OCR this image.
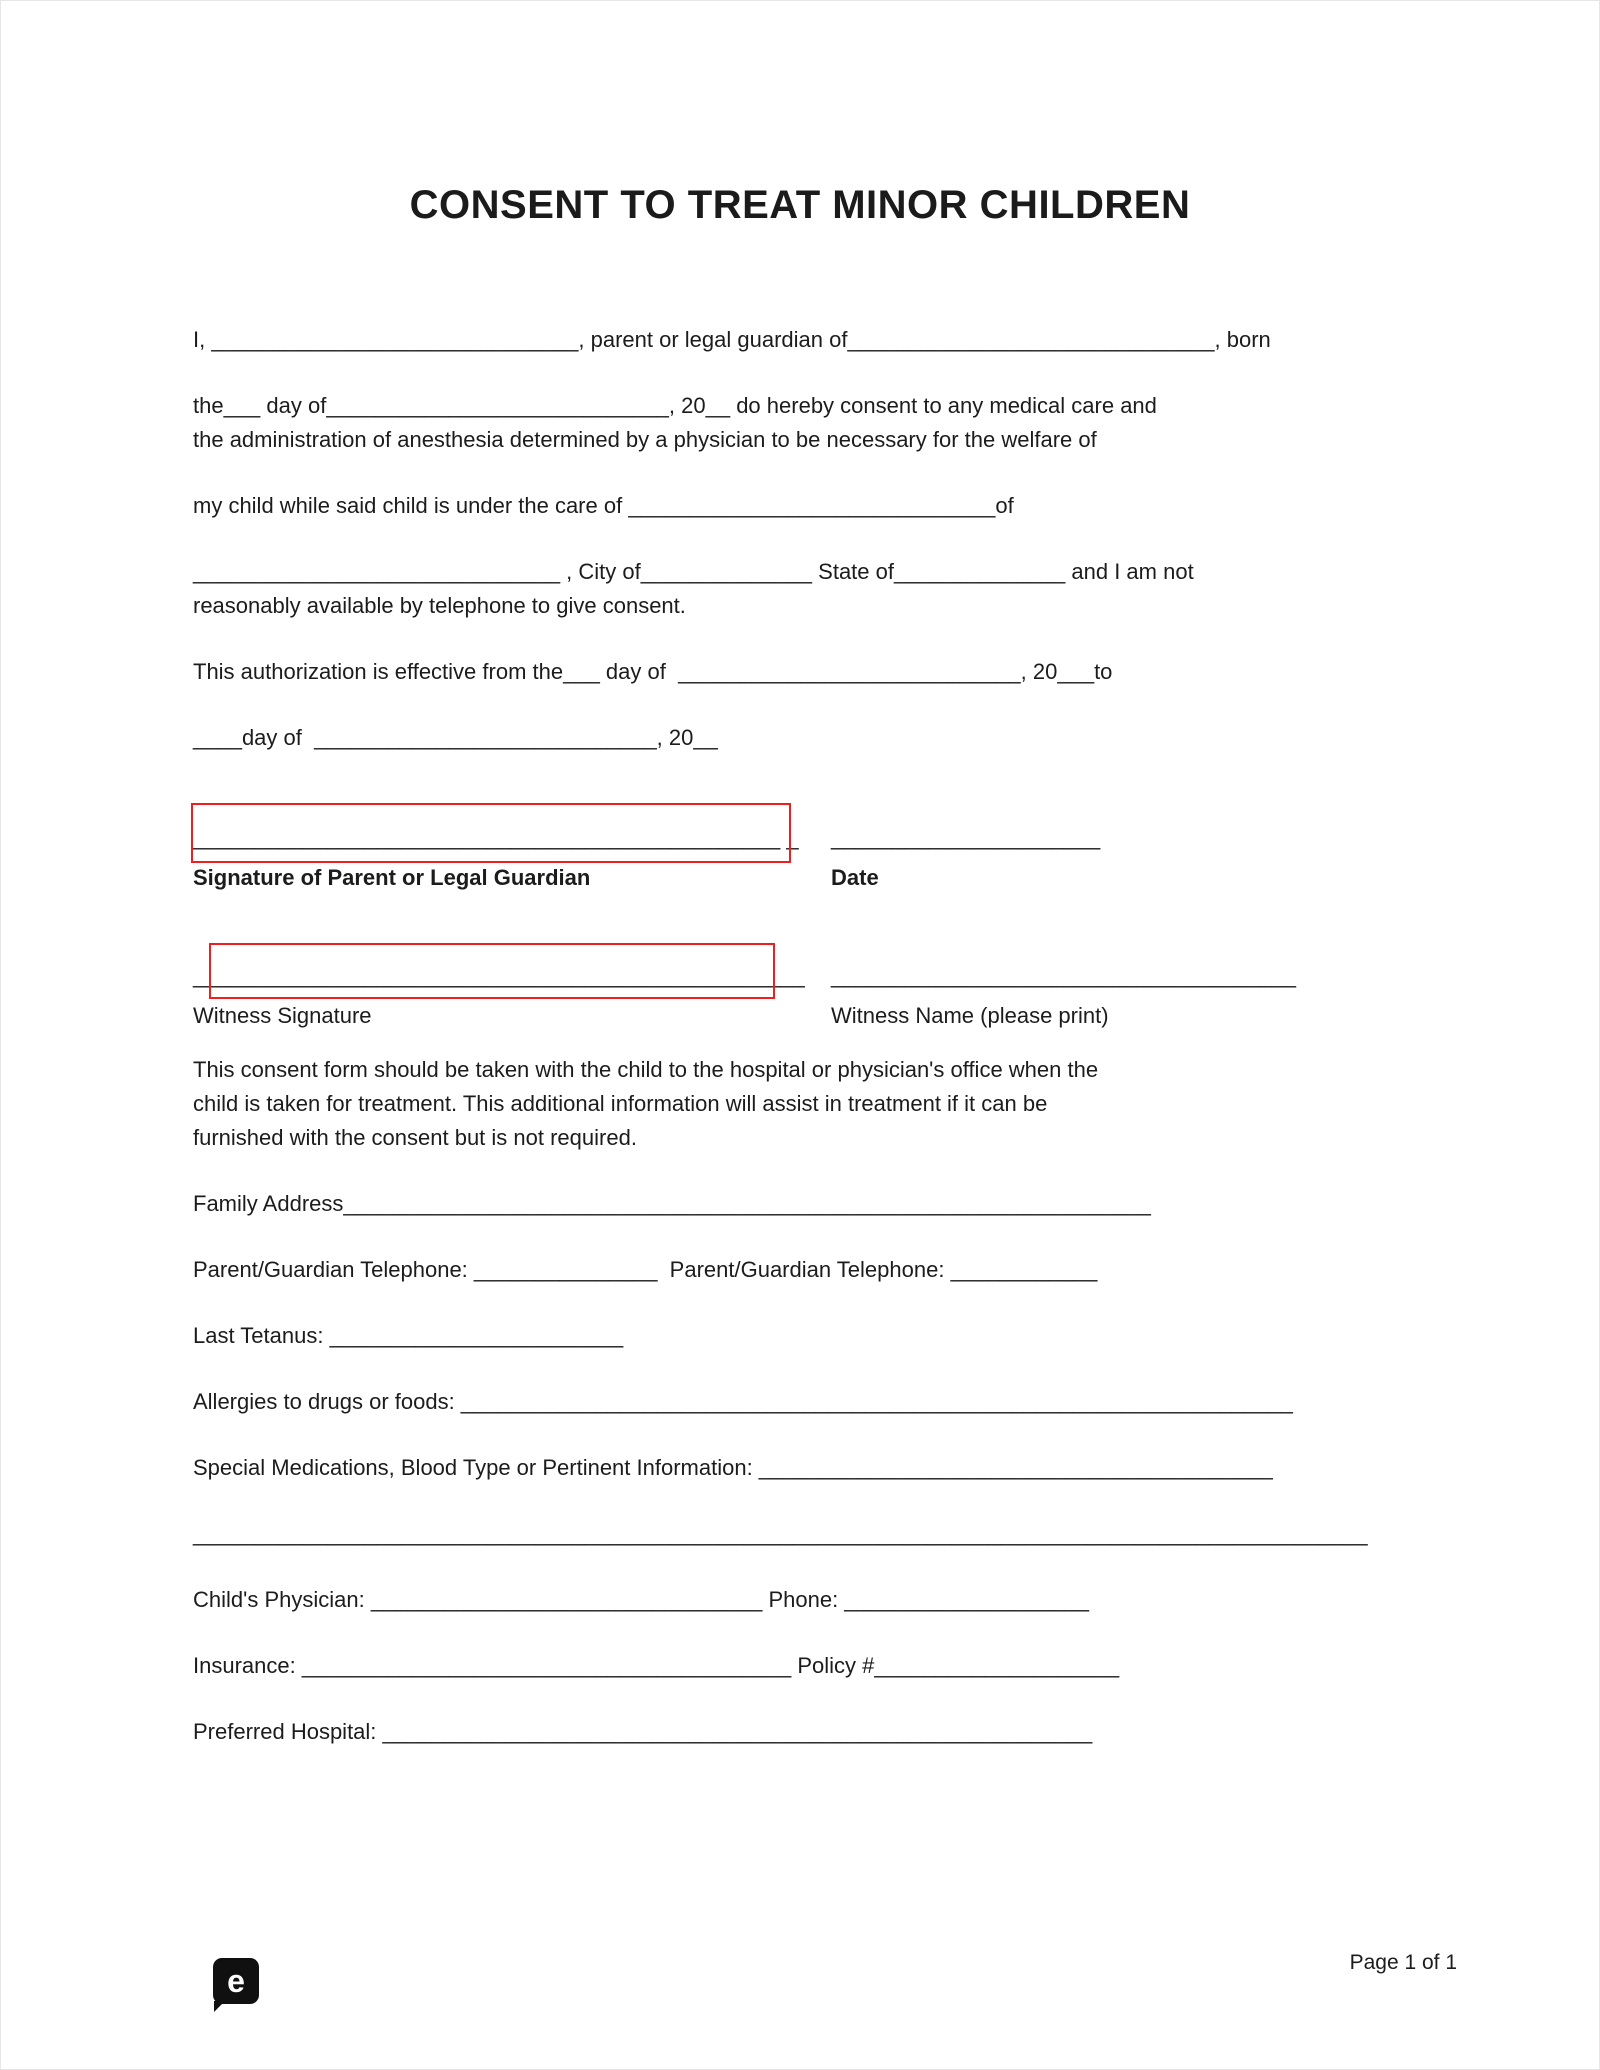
CONSENT TO TREAT MINOR CHILDREN
I, ______________________________, parent or legal guardian of______________________________, born
the___ day of____________________________, 20__ do hereby consent to any medical care and
the administration of anesthesia determined by a physician to be necessary for the welfare of
my child while said child is under the care of ______________________________of
______________________________ , City of______________ State of______________ and I am not
reasonably available by telephone to give consent.
This authorization is effective from the___ day of  ____________________________, 20___to
____day of  ____________________________, 20__
________________________________________________ _ ______________________
Signature of Parent or Legal Guardian	Date
__________________________________________________ ______________________________________
Witness Signature	Witness Name (please print)
This consent form should be taken with the child to the hospital or physician's office when the
child is taken for treatment. This additional information will assist in treatment if it can be
furnished with the consent but is not required.
Family Address__________________________________________________________________
Parent/Guardian Telephone: _______________  Parent/Guardian Telephone: ____________
Last Tetanus: ________________________
Allergies to drugs or foods: ____________________________________________________________________
Special Medications, Blood Type or Pertinent Information: __________________________________________
________________________________________________________________________________________________
Child's Physician: ________________________________ Phone: ____________________
Insurance: ________________________________________ Policy #____________________
Preferred Hospital: __________________________________________________________
e	Page 1 of 1
